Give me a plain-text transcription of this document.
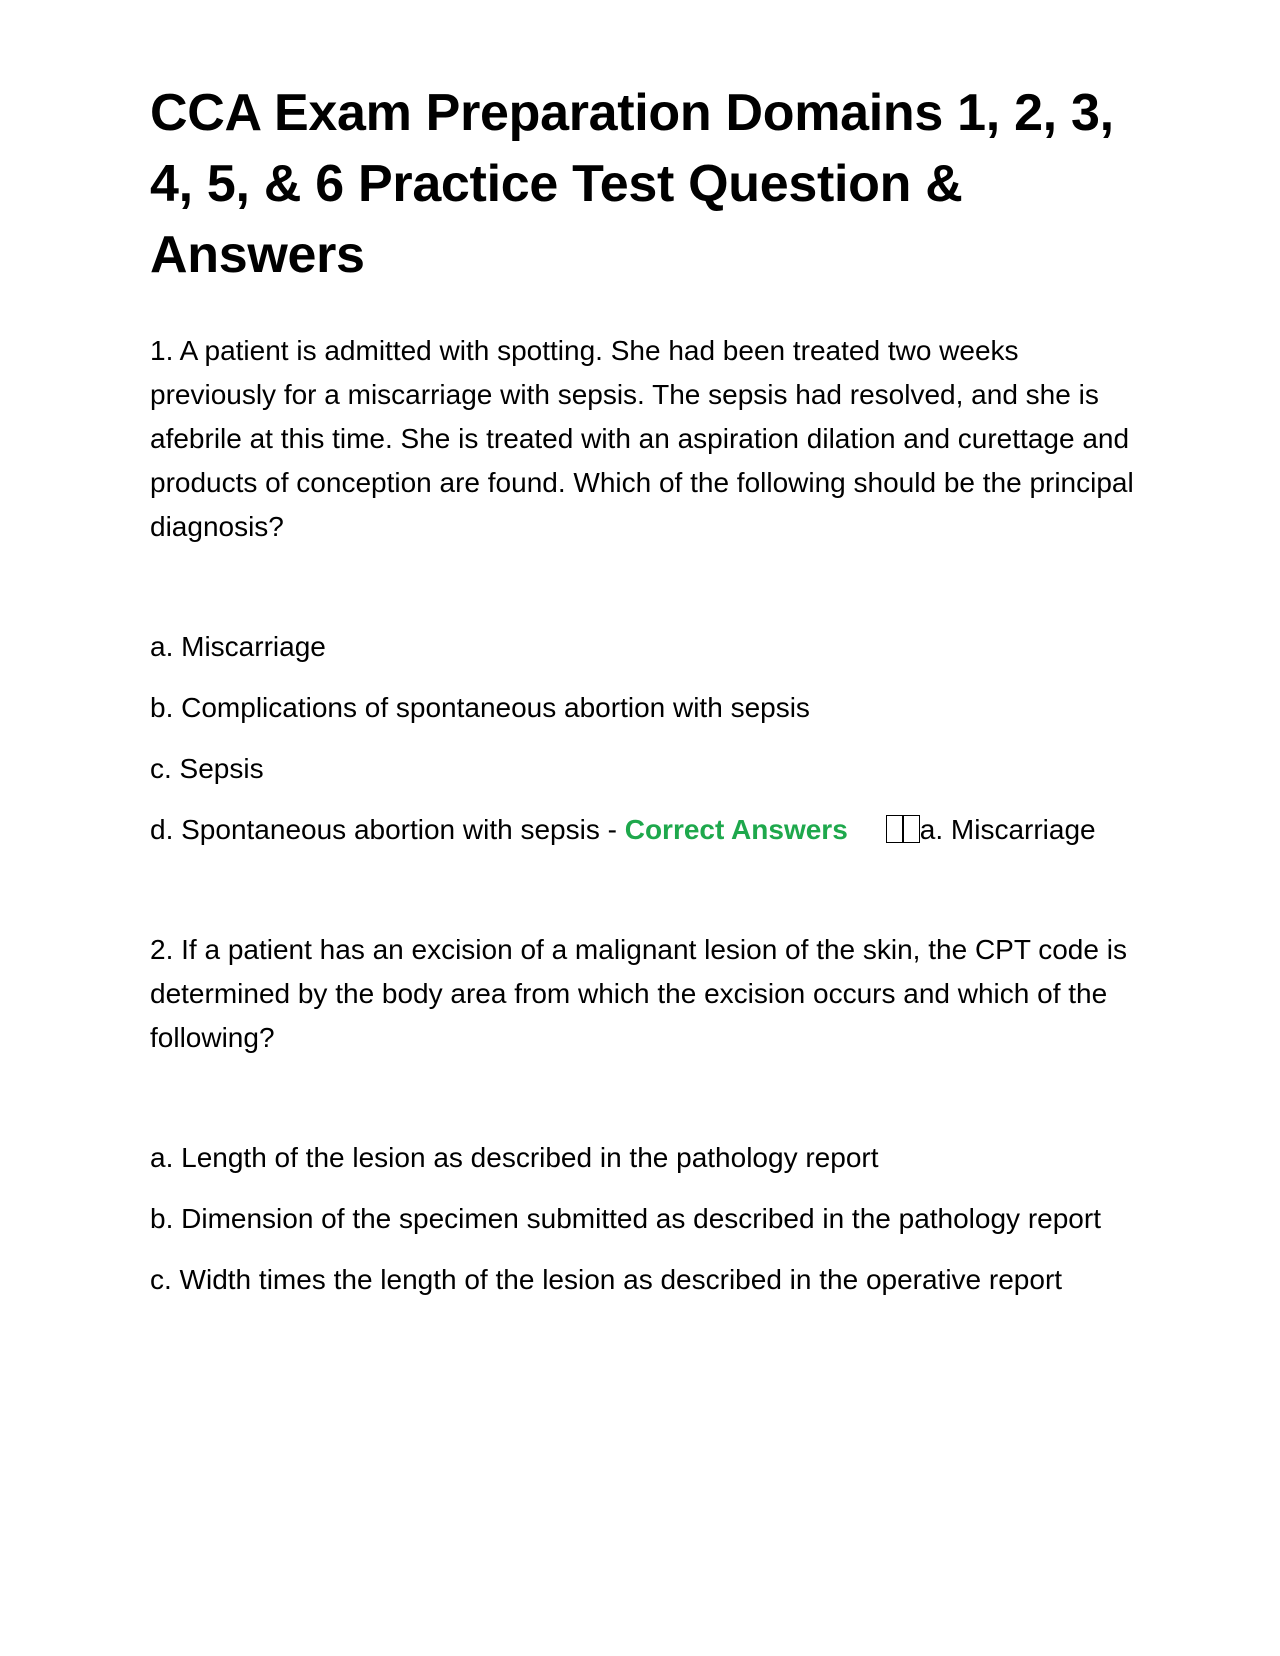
CCA Exam Preparation Domains 1, 2, 3, 4, 5, & 6 Practice Test Question & Answers

1. A patient is admitted with spotting. She had been treated two weeks previously for a miscarriage with sepsis. The sepsis had resolved, and she is afebrile at this time. She is treated with an aspiration dilation and curettage and products of conception are found. Which of the following should be the principal diagnosis?

a. Miscarriage

b. Complications of spontaneous abortion with sepsis

c. Sepsis

d. Spontaneous abortion with sepsis - Correct Answers	a. Miscarriage

2. If a patient has an excision of a malignant lesion of the skin, the CPT code is determined by the body area from which the excision occurs and which of the following?

a. Length of the lesion as described in the pathology report

b. Dimension of the specimen submitted as described in the pathology report

c. Width times the length of the lesion as described in the operative report
